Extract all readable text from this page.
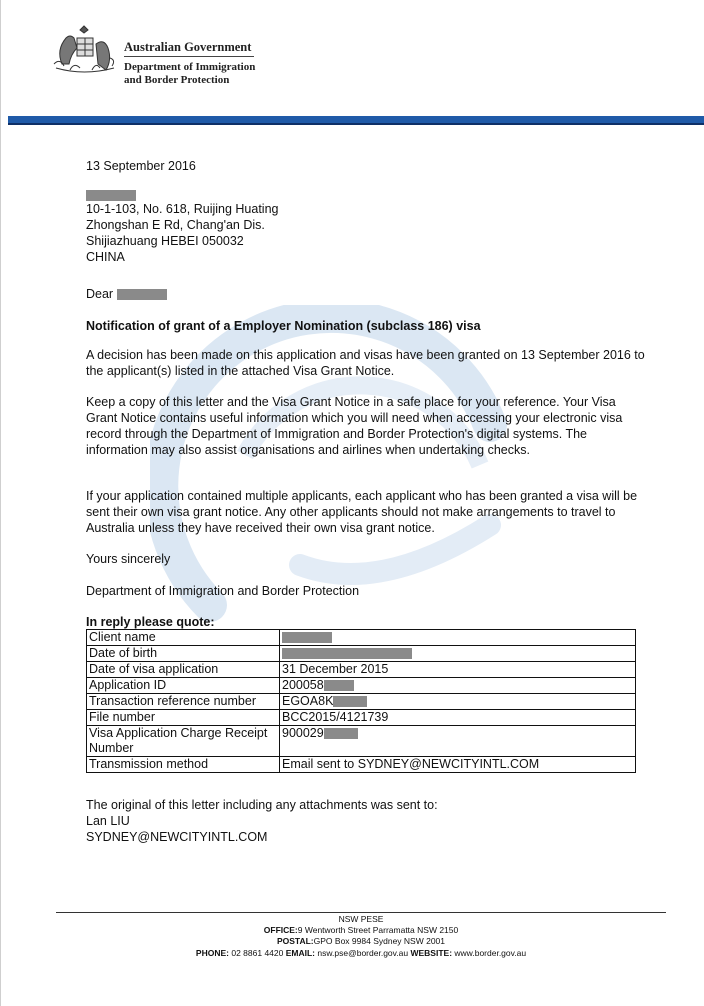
Australian Government
Department of Immigration
and Border Protection
13 September 2016
10-1-103, No. 618, Ruijing Huating
Zhongshan E Rd, Chang'an Dis.
Shijiazhuang HEBEI 050032
CHINA
Dear
Notification of grant of a Employer Nomination (subclass 186) visa
A decision has been made on this application and visas have been granted on 13 September 2016 to the applicant(s) listed in the attached Visa Grant Notice.
Keep a copy of this letter and the Visa Grant Notice in a safe place for your reference. Your Visa Grant Notice contains useful information which you will need when accessing your electronic visa record through the Department of Immigration and Border Protection's digital systems. The information may also assist organisations and airlines when undertaking checks.
If your application contained multiple applicants, each applicant who has been granted a visa will be sent their own visa grant notice. Any other applicants should not make arrangements to travel to Australia unless they have received their own visa grant notice.
Yours sincerely
Department of Immigration and Border Protection
In reply please quote:
Client name	
Date of birth	
Date of visa application	31 December 2015
Application ID	200058
Transaction reference number	EGOA8K
File number	BCC2015/4121739
Visa Application Charge Receipt Number	900029
Transmission method	Email sent to SYDNEY@NEWCITYINTL.COM
The original of this letter including any attachments was sent to:
Lan LIU
SYDNEY@NEWCITYINTL.COM
NSW PESE
OFFICE:9 Wentworth Street Parramatta NSW 2150
POSTAL:GPO Box 9984 Sydney NSW 2001
PHONE: 02 8861 4420 EMAIL: nsw.pse@border.gov.au WEBSITE: www.border.gov.au
